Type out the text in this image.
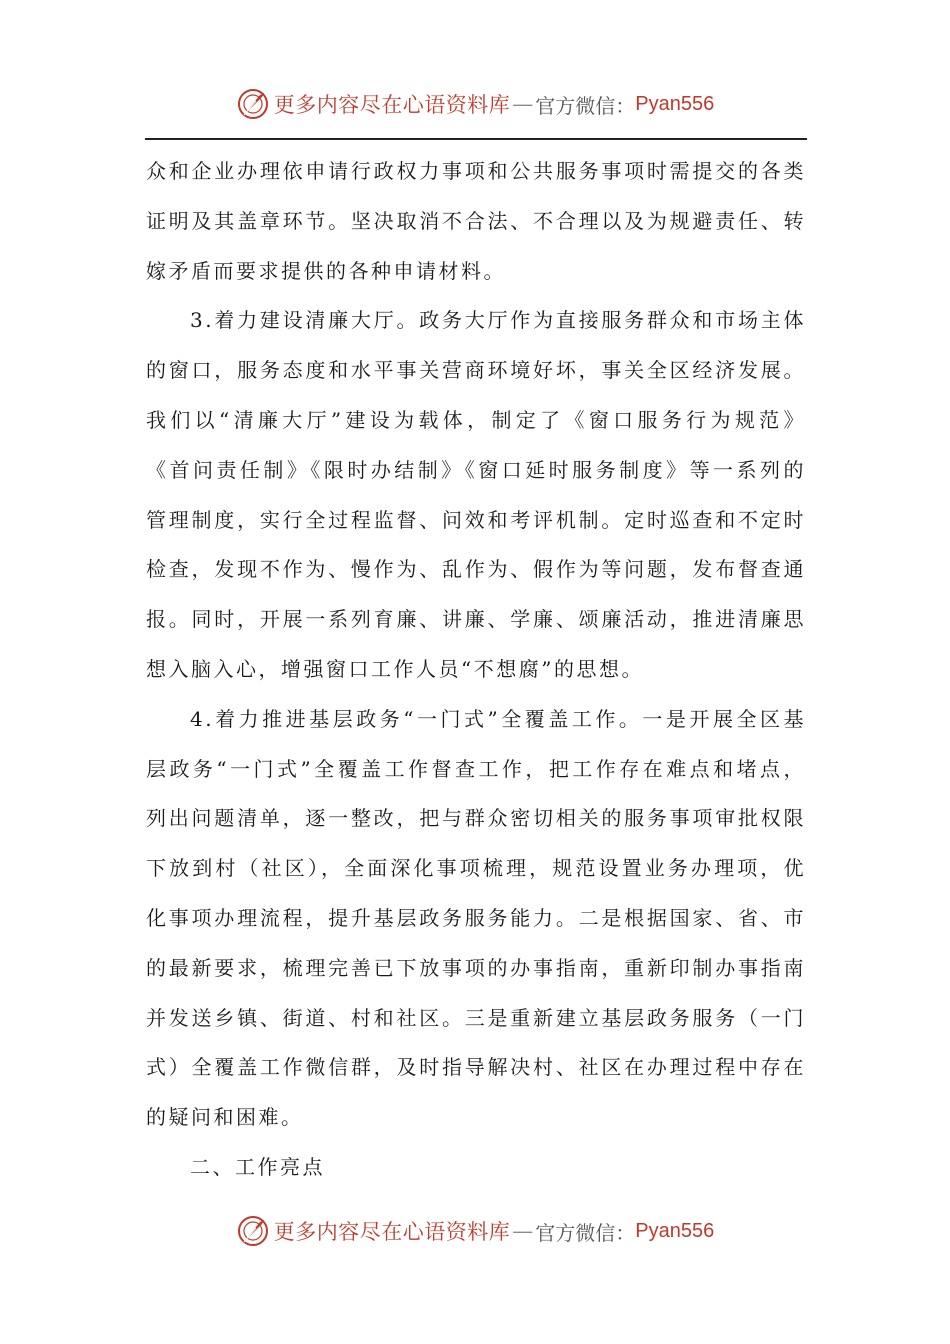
更多内容尽在心语资料库 — 官方微信： Pyan556
众和企业办理依申请行政权力事项和公共服务事项时需提交的各类
证明及其盖章环节。坚决取消不合法、不合理以及为规避责任、转
嫁矛盾而要求提供的各种申请材料。
3.着力建设清廉大厅。政务大厅作为直接服务群众和市场主体
的窗口，服务态度和水平事关营商环境好坏，事关全区经济发展。
我们以“清廉大厅”建设为载体，制定了《窗口服务行为规范》
《首问责任制》《限时办结制》《窗口延时服务制度》等一系列的
管理制度，实行全过程监督、问效和考评机制。定时巡查和不定时
检查，发现不作为、慢作为、乱作为、假作为等问题，发布督查通
报。同时，开展一系列育廉、讲廉、学廉、颂廉活动，推进清廉思
想入脑入心，增强窗口工作人员“不想腐”的思想。
4.着力推进基层政务“一门式”全覆盖工作。一是开展全区基
层政务“一门式”全覆盖工作督查工作，把工作存在难点和堵点，
列出问题清单，逐一整改，把与群众密切相关的服务事项审批权限
下放到村（社区），全面深化事项梳理，规范设置业务办理项，优
化事项办理流程，提升基层政务服务能力。二是根据国家、省、市
的最新要求，梳理完善已下放事项的办事指南，重新印制办事指南
并发送乡镇、街道、村和社区。三是重新建立基层政务服务（一门
式）全覆盖工作微信群，及时指导解决村、社区在办理过程中存在
的疑问和困难。
二、工作亮点
更多内容尽在心语资料库 — 官方微信： Pyan556
